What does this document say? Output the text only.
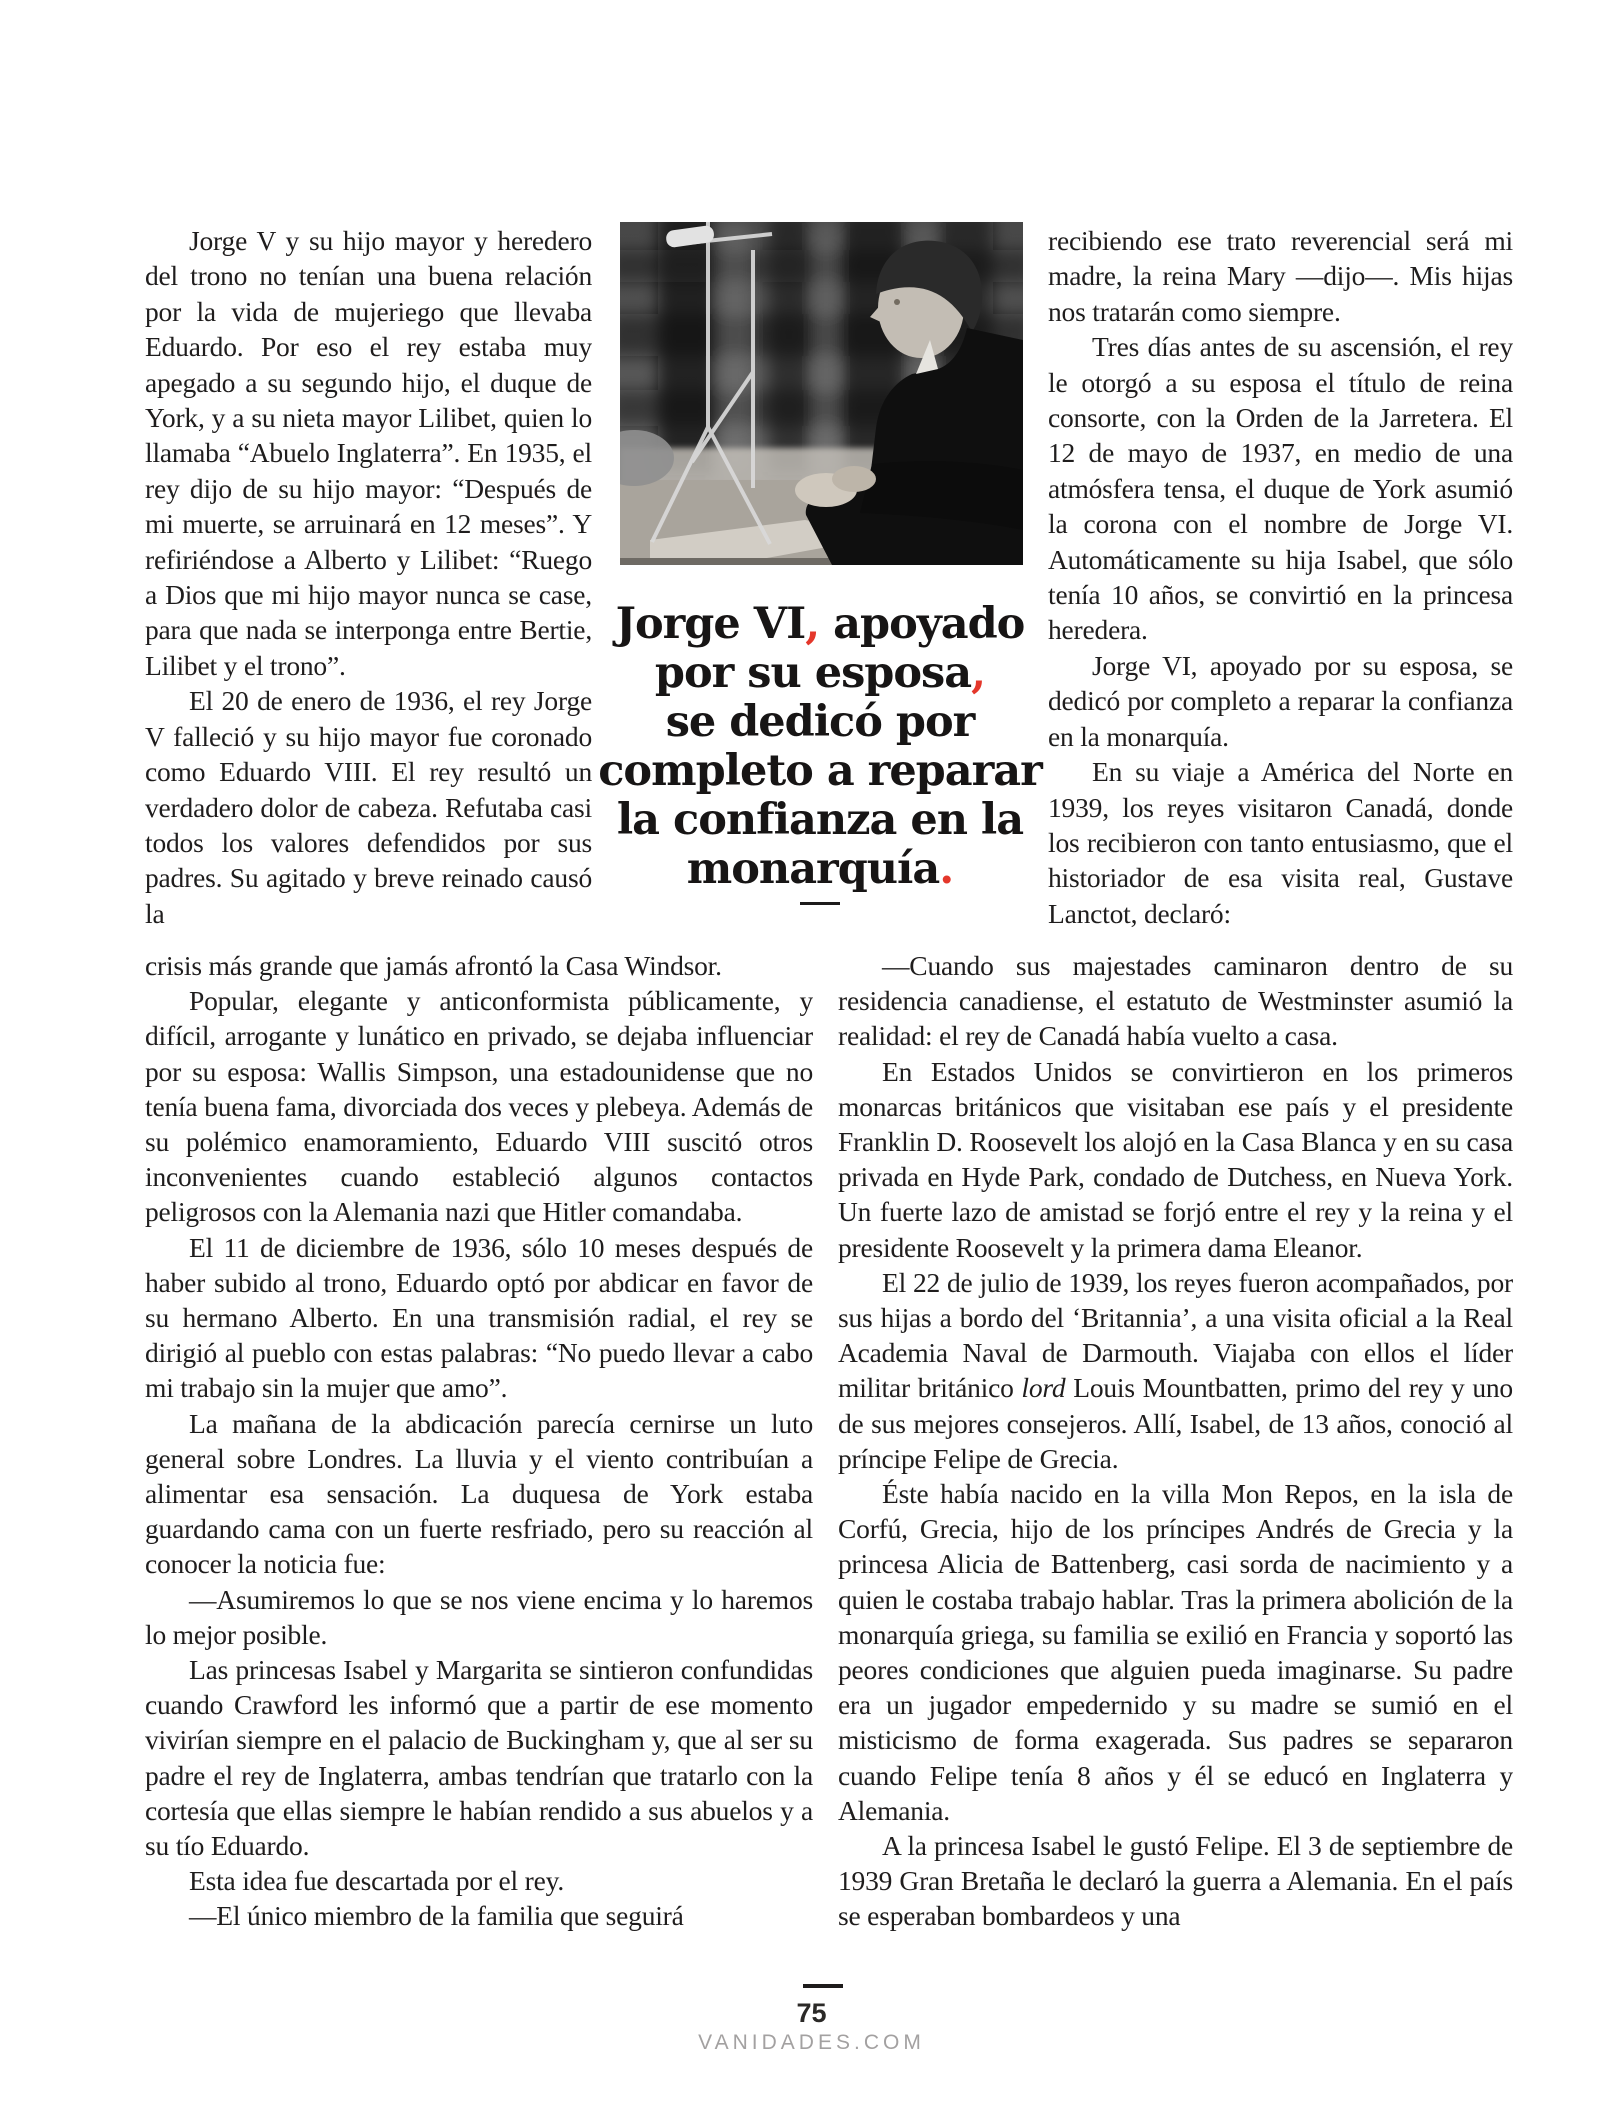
Jorge V y su hijo mayor y heredero del trono no tenían una buena relación por la vida de mujeriego que llevaba Eduardo. Por eso el rey estaba muy apegado a su segundo hijo, el duque de York, y a su nieta mayor Lilibet, quien lo llamaba “Abuelo Inglaterra”. En 1935, el rey dijo de su hijo mayor: “Después de mi muerte, se arruinará en 12 meses”. Y refiriéndose a Alberto y Lilibet: “Ruego a Dios que mi hijo mayor nunca se case, para que nada se interponga entre Bertie, Lilibet y el trono”.

El 20 de enero de 1936, el rey Jorge V falleció y su hijo mayor fue coronado como Eduardo VIII. El rey resultó un verdadero dolor de cabeza. Refutaba casi todos los valores defendidos por sus padres. Su agitado y breve reinado causó la

Jorge VI, apoyado
por su esposa,
se dedicó por
completo a reparar
la confianza en la
monarquía.

recibiendo ese trato reverencial será mi madre, la reina Mary —dijo—. Mis hijas nos tratarán como siempre.

Tres días antes de su ascensión, el rey le otorgó a su esposa el título de reina consorte, con la Orden de la Jarretera. El 12 de mayo de 1937, en medio de una atmósfera tensa, el duque de York asumió la corona con el nombre de Jorge VI. Automáticamente su hija Isabel, que sólo tenía 10 años, se convirtió en la princesa heredera.

Jorge VI, apoyado por su esposa, se dedicó por completo a reparar la confianza en la monarquía.

En su viaje a América del Norte en 1939, los reyes visitaron Canadá, donde los recibieron con tanto entusiasmo, que el historiador de esa visita real, Gustave Lanctot, declaró:

crisis más grande que jamás afrontó la Casa Windsor.

Popular, elegante y anticonformista públicamente, y difícil, arrogante y lunático en privado, se dejaba influenciar por su esposa: Wallis Simpson, una estadounidense que no tenía buena fama, divorciada dos veces y plebeya. Además de su polémico enamoramiento, Eduardo VIII suscitó otros inconvenientes cuando estableció algunos contactos peligrosos con la Alemania nazi que Hitler comandaba.

El 11 de diciembre de 1936, sólo 10 meses después de haber subido al trono, Eduardo optó por abdicar en favor de su hermano Alberto. En una transmisión radial, el rey se dirigió al pueblo con estas palabras: “No puedo llevar a cabo mi trabajo sin la mujer que amo”.

La mañana de la abdicación parecía cernirse un luto general sobre Londres. La lluvia y el viento contribuían a alimentar esa sensación. La duquesa de York estaba guardando cama con un fuerte resfriado, pero su reacción al conocer la noticia fue:

—Asumiremos lo que se nos viene encima y lo haremos lo mejor posible.

Las princesas Isabel y Margarita se sintieron confundidas cuando Crawford les informó que a partir de ese momento vivirían siempre en el palacio de Buckingham y, que al ser su padre el rey de Inglaterra, ambas tendrían que tratarlo con la cortesía que ellas siempre le habían rendido a sus abuelos y a su tío Eduardo.

Esta idea fue descartada por el rey.

—El único miembro de la familia que seguirá

—Cuando sus majestades caminaron dentro de su residencia canadiense, el estatuto de Westminster asumió la realidad: el rey de Canadá había vuelto a casa.

En Estados Unidos se convirtieron en los primeros monarcas británicos que visitaban ese país y el presidente Franklin D. Roosevelt los alojó en la Casa Blanca y en su casa privada en Hyde Park, condado de Dutchess, en Nueva York. Un fuerte lazo de amistad se forjó entre el rey y la reina y el presidente Roosevelt y la primera dama Eleanor.

El 22 de julio de 1939, los reyes fueron acompañados, por sus hijas a bordo del ‘Britannia’, a una visita oficial a la Real Academia Naval de Darmouth. Viajaba con ellos el líder militar británico lord Louis Mountbatten, primo del rey y uno de sus mejores consejeros. Allí, Isabel, de 13 años, conoció al príncipe Felipe de Grecia.

Éste había nacido en la villa Mon Repos, en la isla de Corfú, Grecia, hijo de los príncipes Andrés de Grecia y la princesa Alicia de Battenberg, casi sorda de nacimiento y a quien le costaba trabajo hablar. Tras la primera abolición de la monarquía griega, su familia se exilió en Francia y soportó las peores condiciones que alguien pueda imaginarse. Su padre era un jugador empedernido y su madre se sumió en el misticismo de forma exagerada. Sus padres se separaron cuando Felipe tenía 8 años y él se educó en Inglaterra y Alemania.

A la princesa Isabel le gustó Felipe. El 3 de septiembre de 1939 Gran Bretaña le declaró la guerra a Alemania. En el país se esperaban bombardeos y una

75
VANIDADES.COM
